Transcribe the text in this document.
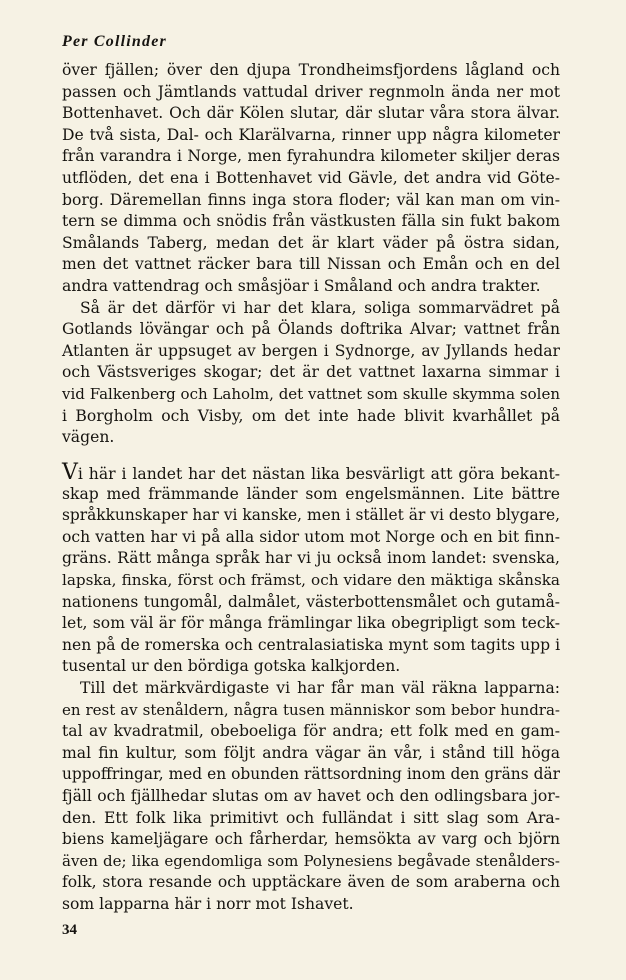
Per Collinder
över fjällen; över den djupa Trondheimsfjordens lågland och
passen och Jämtlands vattudal driver regnmoln ända ner mot
Bottenhavet. Och där Kölen slutar, där slutar våra stora älvar.
De två sista, Dal- och Klarälvarna, rinner upp några kilometer
från varandra i Norge, men fyrahundra kilometer skiljer deras
utflöden, det ena i Bottenhavet vid Gävle, det andra vid Göte-
borg. Däremellan finns inga stora floder; väl kan man om vin-
tern se dimma och snödis från västkusten fälla sin fukt bakom
Smålands Taberg, medan det är klart väder på östra sidan,
men det vattnet räcker bara till Nissan och Emån och en del
andra vattendrag och småsjöar i Småland och andra trakter.
Så är det därför vi har det klara, soliga sommarvädret på
Gotlands lövängar och på Ölands doftrika Alvar; vattnet från
Atlanten är uppsuget av bergen i Sydnorge, av Jyllands hedar
och Västsveriges skogar; det är det vattnet laxarna simmar i
vid Falkenberg och Laholm, det vattnet som skulle skymma solen
i Borgholm och Visby, om det inte hade blivit kvarhållet på
vägen.
Vi här i landet har det nästan lika besvärligt att göra bekant-
skap med främmande länder som engelsmännen. Lite bättre
språkkunskaper har vi kanske, men i stället är vi desto blygare,
och vatten har vi på alla sidor utom mot Norge och en bit finn-
gräns. Rätt många språk har vi ju också inom landet: svenska,
lapska, finska, först och främst, och vidare den mäktiga skånska
nationens tungomål, dalmålet, västerbottensmålet och gutamå-
let, som väl är för många främlingar lika obegripligt som teck-
nen på de romerska och centralasiatiska mynt som tagits upp i
tusental ur den bördiga gotska kalkjorden.
Till det märkvärdigaste vi har får man väl räkna lapparna:
en rest av stenåldern, några tusen människor som bebor hundra-
tal av kvadratmil, obeboeliga för andra; ett folk med en gam-
mal fin kultur, som följt andra vägar än vår, i stånd till höga
uppoffringar, med en obunden rättsordning inom den gräns där
fjäll och fjällhedar slutas om av havet och den odlingsbara jor-
den. Ett folk lika primitivt och fulländat i sitt slag som Ara-
biens kameljägare och fårherdar, hemsökta av varg och björn
även de; lika egendomliga som Polynesiens begåvade stenålders-
folk, stora resande och upptäckare även de som araberna och
som lapparna här i norr mot Ishavet.
34
